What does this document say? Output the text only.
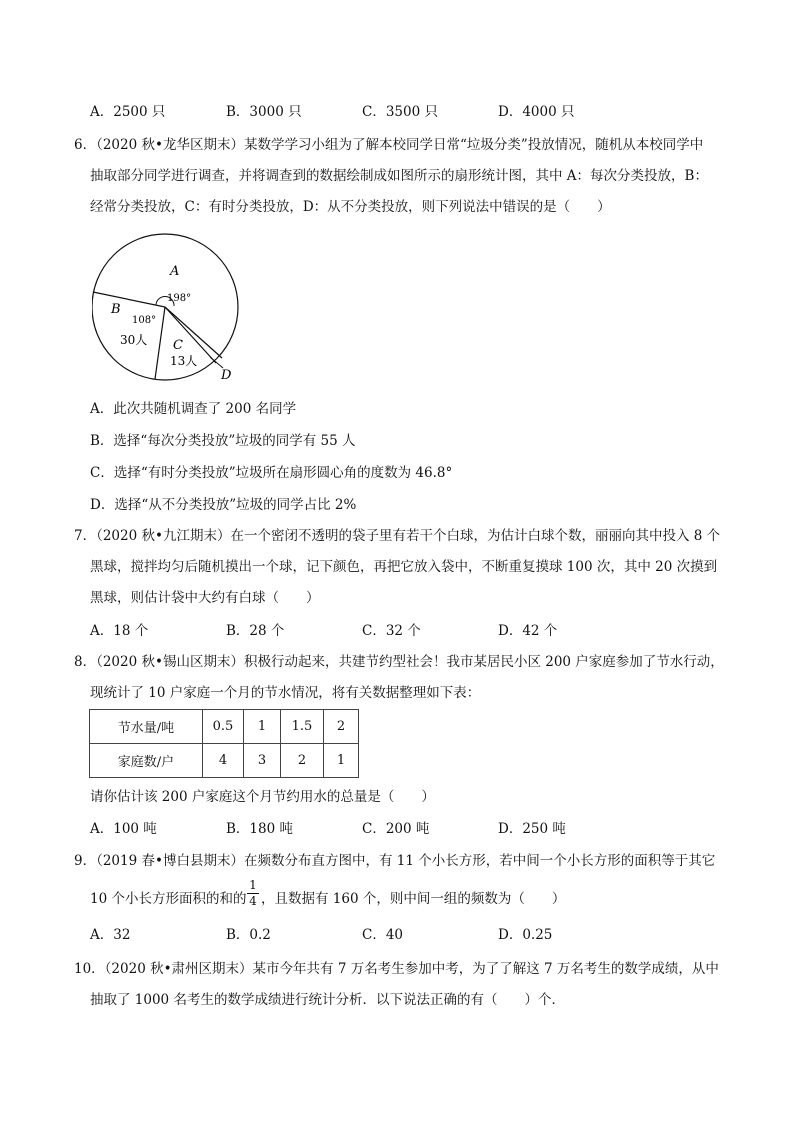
A．2500 只	B．3000 只	C．3500 只	D．4000 只
6．（2020 秋•龙华区期末）某数学学习小组为了解本校同学日常“垃圾分类”投放情况，随机从本校同学中
抽取部分同学进行调查，并将调查到的数据绘制成如图所示的扇形统计图，其中 A：每次分类投放，B：
经常分类投放，C：有时分类投放，D：从不分类投放，则下列说法中错误的是（　　）
A
198°
B
108°
30人 C
13人
D
A．此次共随机调查了 200 名同学
B．选择“每次分类投放”垃圾的同学有 55 人
C．选择“有时分类投放”垃圾所在扇形圆心角的度数为 46.8°
D．选择“从不分类投放”垃圾的同学占比 2%
7．（2020 秋•九江期末）在一个密闭不透明的袋子里有若干个白球，为估计白球个数，丽丽向其中投入 8 个
黑球，搅拌均匀后随机摸出一个球，记下颜色，再把它放入袋中，不断重复摸球 100 次，其中 20 次摸到
黑球，则估计袋中大约有白球（　　）
A．18 个	B．28 个	C．32 个	D．42 个
8．（2020 秋•锡山区期末）积极行动起来，共建节约型社会！我市某居民小区 200 户家庭参加了节水行动，
现统计了 10 户家庭一个月的节水情况，将有关数据整理如下表：
节水量/吨	0.5	1	1.5	2
家庭数/户	4	3	2	1
请你估计该 200 户家庭这个月节约用水的总量是（　　）
A．100 吨	B．180 吨	C．200 吨	D．250 吨
9．（2019 春•博白县期末）在频数分布直方图中，有 11 个小长方形，若中间一个小长方形的面积等于其它
10 个小长方形面积的和的
1
4 ，且数据有 160 个，则中间一组的频数为（　　）
A．32	B．0.2	C．40	D．0.25
10．（2020 秋•肃州区期末）某市今年共有 7 万名考生参加中考，为了了解这 7 万名考生的数学成绩，从中
抽取了 1000 名考生的数学成绩进行统计分析．以下说法正确的有（　　）个．
